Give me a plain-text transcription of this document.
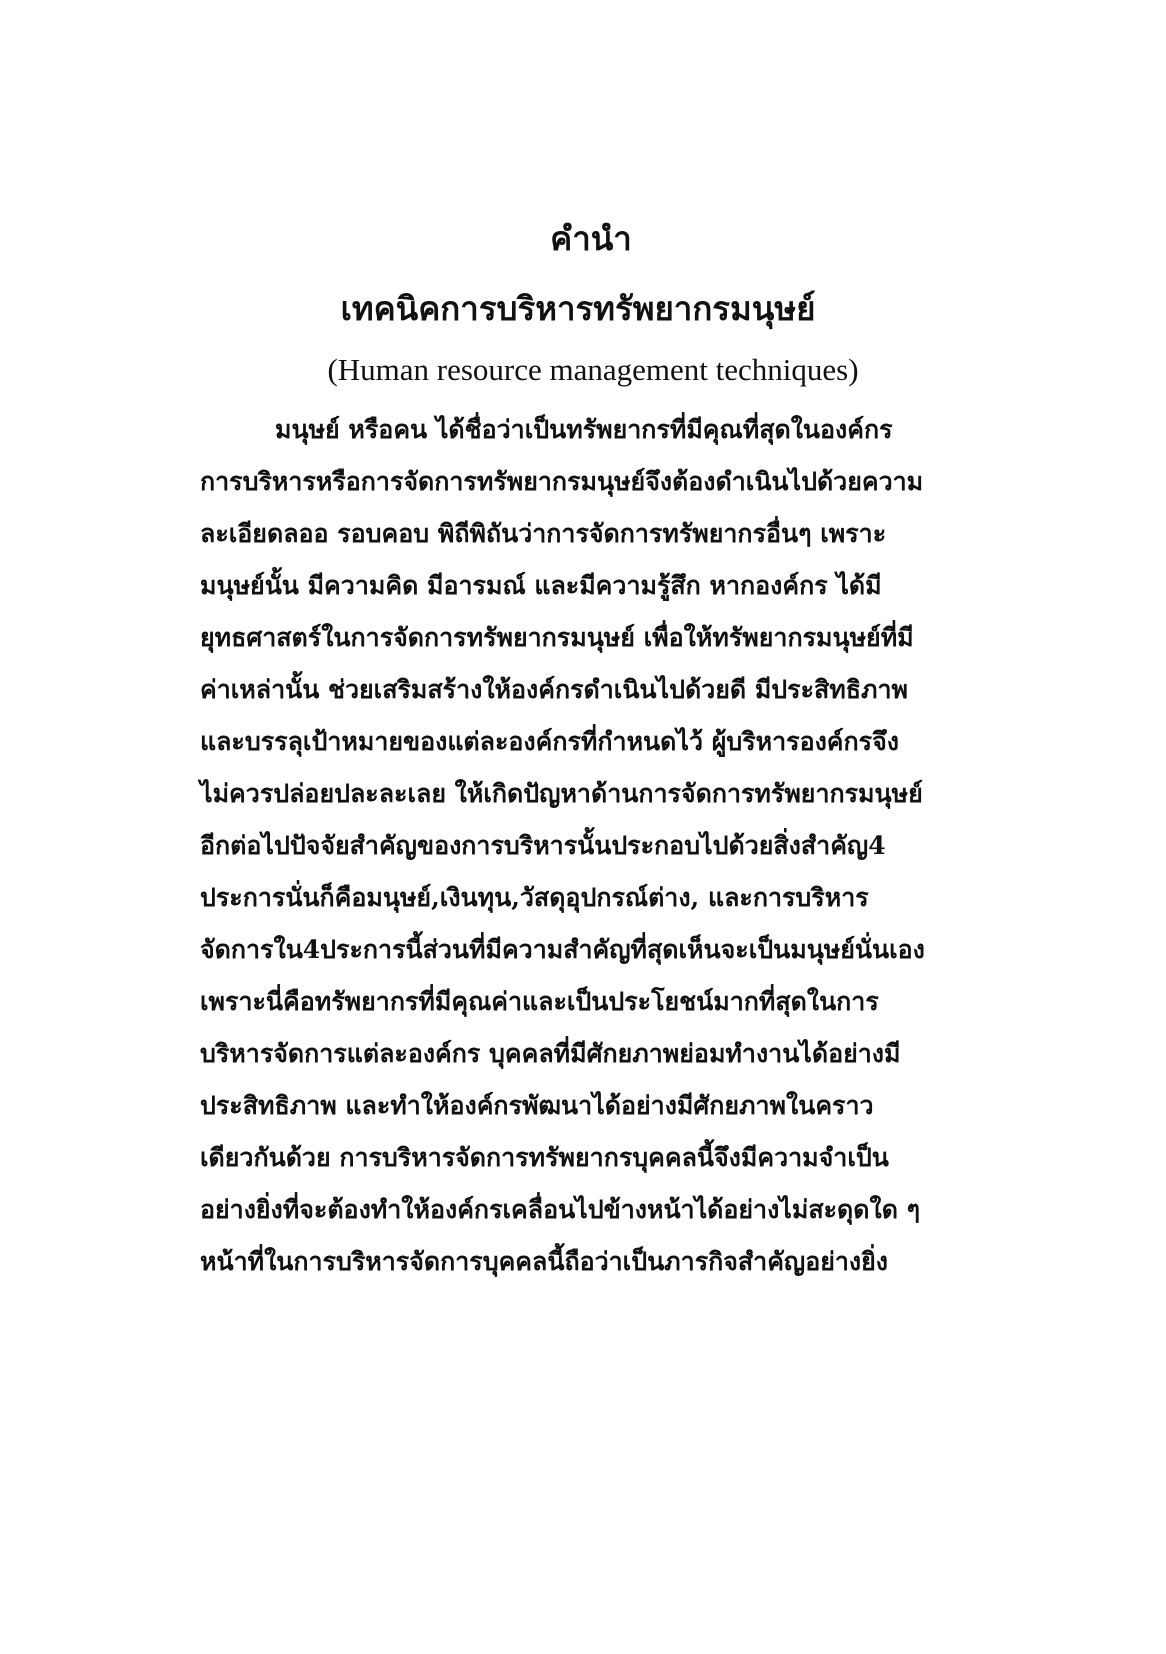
คำนำ
เทคนิคการบริหารทรัพยากรมนุษย์
(Human resource management techniques)
มนุษย์ หรือคน ได้ชื่อว่าเป็นทรัพยากรที่มีคุณที่สุดในองค์กร
การบริหารหรือการจัดการทรัพยากรมนุษย์จึงต้องดำเนินไปด้วยความ
ละเอียดลออ รอบคอบ พิถีพิถันว่าการจัดการทรัพยากรอื่นๆ เพราะ
มนุษย์นั้น มีความคิด มีอารมณ์ และมีความรู้สึก หากองค์กร ได้มี
ยุทธศาสตร์ในการจัดการทรัพยากรมนุษย์ เพื่อให้ทรัพยากรมนุษย์ที่มี
ค่าเหล่านั้น ช่วยเสริมสร้างให้องค์กรดำเนินไปด้วยดี มีประสิทธิภาพ
และบรรลุเป้าหมายของแต่ละองค์กรที่กำหนดไว้ ผู้บริหารองค์กรจึง
ไม่ควรปล่อยปละละเลย ให้เกิดปัญหาด้านการจัดการทรัพยากรมนุษย์
อีกต่อไปปัจจัยสำคัญของการบริหารนั้นประกอบไปด้วยสิ่งสำคัญ4
ประการนั่นก็คือมนุษย์,เงินทุน,วัสดุอุปกรณ์ต่าง, และการบริหาร
จัดการใน4ประการนี้ส่วนที่มีความสำคัญที่สุดเห็นจะเป็นมนุษย์นั่นเอง
เพราะนี่คือทรัพยากรที่มีคุณค่าและเป็นประโยชน์มากที่สุดในการ
บริหารจัดการแต่ละองค์กร บุคคลที่มีศักยภาพย่อมทำงานได้อย่างมี
ประสิทธิภาพ และทำให้องค์กรพัฒนาได้อย่างมีศักยภาพในคราว
เดียวกันด้วย การบริหารจัดการทรัพยากรบุคคลนี้จึงมีความจำเป็น
อย่างยิ่งที่จะต้องทำให้องค์กรเคลื่อนไปข้างหน้าได้อย่างไม่สะดุดใด ๆ
หน้าที่ในการบริหารจัดการบุคคลนี้ถือว่าเป็นภารกิจสำคัญอย่างยิ่ง
